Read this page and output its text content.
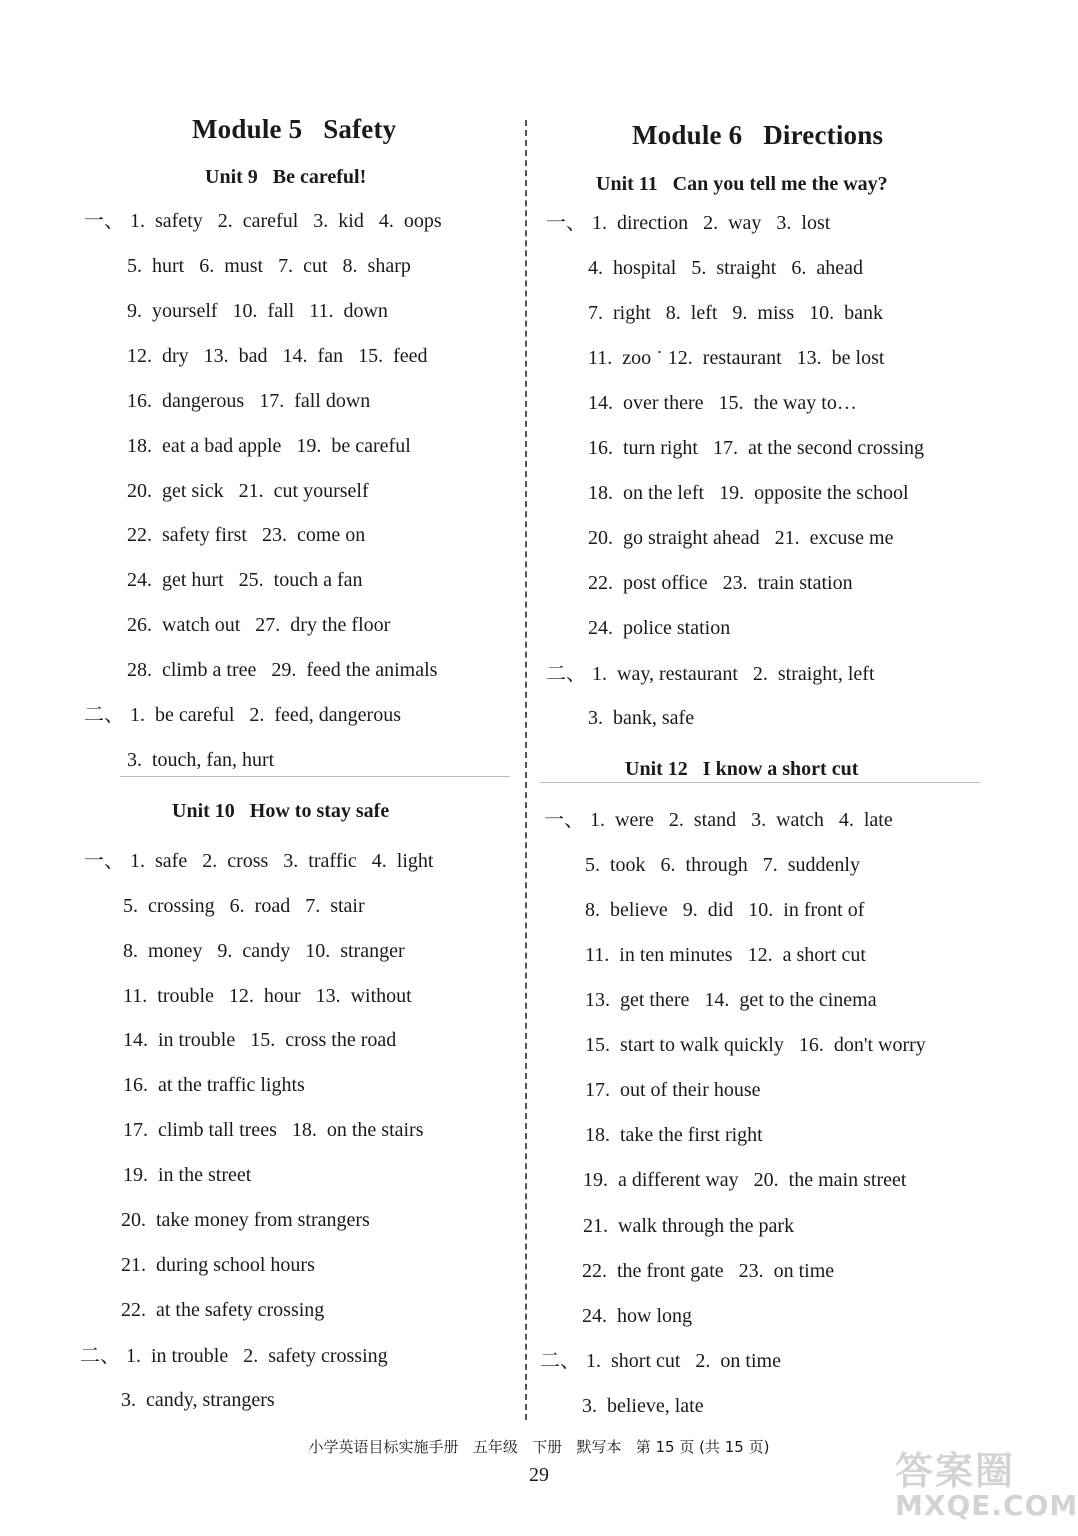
Module 5   Safety
Unit 9   Be careful!
一、 1.  safety   2.  careful   3.  kid   4.  oops
5.  hurt   6.  must   7.  cut   8.  sharp
9.  yourself   10.  fall   11.  down
12.  dry   13.  bad   14.  fan   15.  feed
16.  dangerous   17.  fall down
18.  eat a bad apple   19.  be careful
20.  get sick   21.  cut yourself
22.  safety first   23.  come on
24.  get hurt   25.  touch a fan
26.  watch out   27.  dry the floor
28.  climb a tree   29.  feed the animals
二、 1.  be careful   2.  feed, dangerous
3.  touch, fan, hurt
Unit 10   How to stay safe
一、 1.  safe   2.  cross   3.  traffic   4.  light
5.  crossing   6.  road   7.  stair
8.  money   9.  candy   10.  stranger
11.  trouble   12.  hour   13.  without
14.  in trouble   15.  cross the road
16.  at the traffic lights
17.  climb tall trees   18.  on the stairs
19.  in the street
20.  take money from strangers
21.  during school hours
22.  at the safety crossing
二、 1.  in trouble   2.  safety crossing
3.  candy, strangers
Module 6   Directions
Unit 11   Can you tell me the way?
一、 1.  direction   2.  way   3.  lost
4.  hospital   5.  straight   6.  ahead
7.  right   8.  left   9.  miss   10.  bank
11.  zoo ˙ 12.  restaurant   13.  be lost
14.  over there   15.  the way to…
16.  turn right   17.  at the second crossing
18.  on the left   19.  opposite the school
20.  go straight ahead   21.  excuse me
22.  post office   23.  train station
24.  police station
二、 1.  way, restaurant   2.  straight, left
3.  bank, safe
Unit 12   I know a short cut
一、 1.  were   2.  stand   3.  watch   4.  late
5.  took   6.  through   7.  suddenly
8.  believe   9.  did   10.  in front of
11.  in ten minutes   12.  a short cut
13.  get there   14.  get to the cinema
15.  start to walk quickly   16.  don't worry
17.  out of their house
18.  take the first right
19.  a different way   20.  the main street
21.  walk through the park
22.  the front gate   23.  on time
24.  how long
二、 1.  short cut   2.  on time
3.  believe, late
小学英语目标实施手册   五年级   下册   默写本   第 15 页 (共 15 页)
29	答案圈
MXQE.COM
